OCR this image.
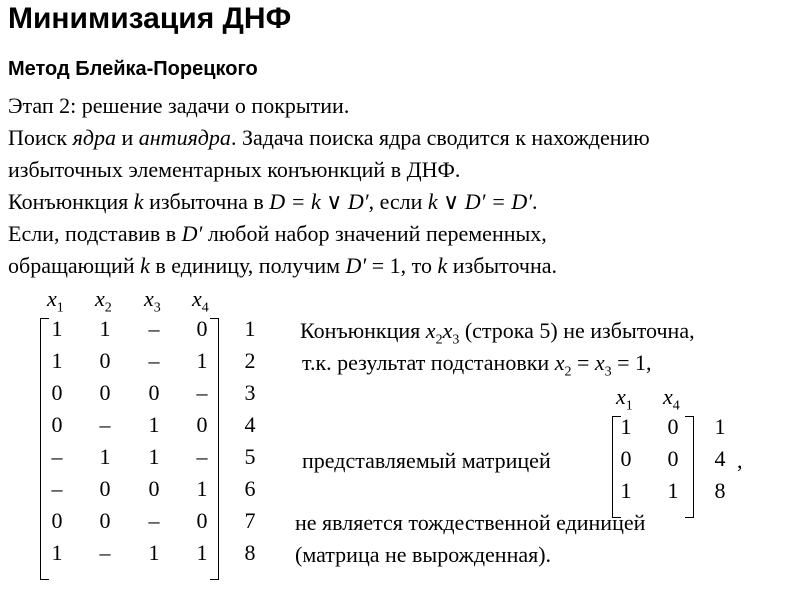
Минимизация ДНФ
Метод Блейка-Порецкого
Этап 2: решение задачи о покрытии.
Поиск ядра и антиядра. Задача поиска ядра сводится к нахождению
избыточных элементарных конъюнкций в ДНФ.
Конъюнкция k избыточна в D = k ∨ D′, если k ∨ D′ = D′.
Если, подставив в D′ любой набор значений переменных,
обращающий k в единицу, получим D′ = 1, то k избыточна.
$x_1$ $x_2$ $x_3$ $x_4$
1	1	–	0	1
1	0	–	1	2
0	0	0	–	3
0	–	1	0	4
–	1	1	–	5
–	0	0	1	6
0	0	–	0	7
1	–	1	1	8
Конъюнкция $x_2x_3$ (строка 5) не избыточна,
т.к. результат подстановки $x_2 = x_3 = 1$,
представляемый матрицей	,
не является тождественной единицей
(матрица не вырожденная).
$x_1$ $x_4$
1	0	1
0	0	4
1	1	8
